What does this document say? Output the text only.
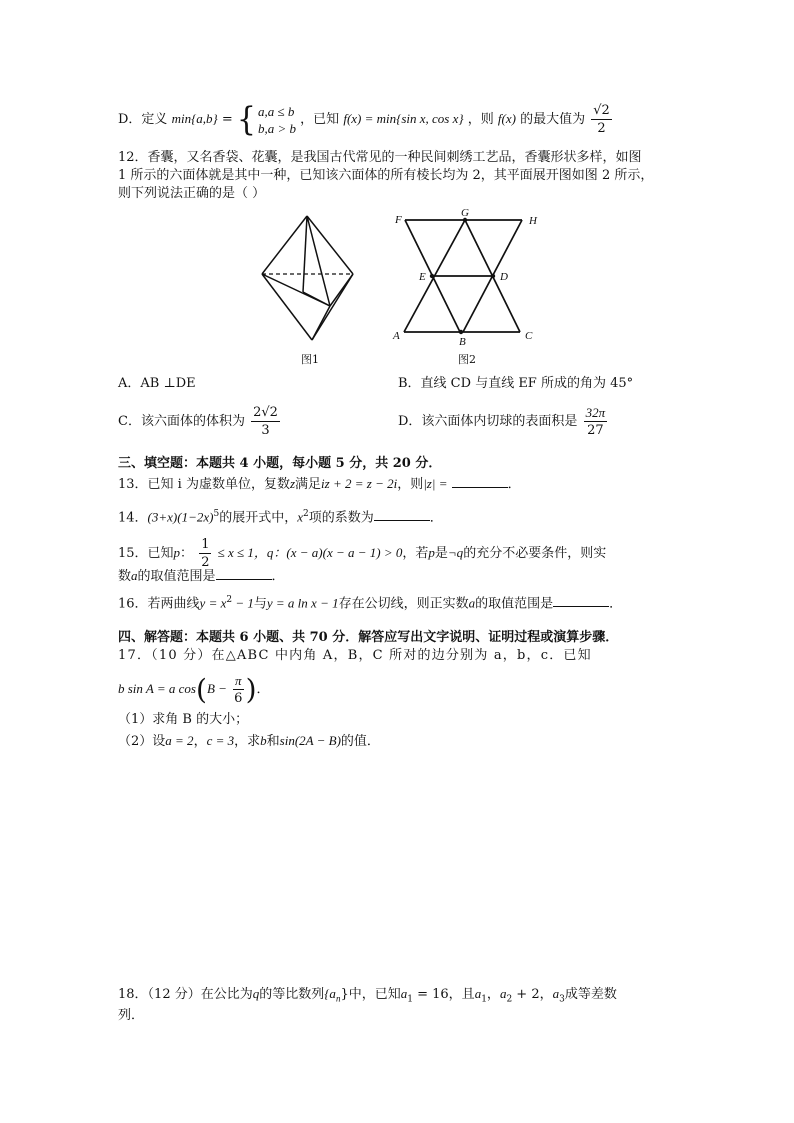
D．定义 min{a,b} = { a,a ≤ b
b,a > b
，已知 f(x) = min{sin x, cos x} ，则 f(x) 的最大值为 $\frac{√2}{2}$
12．香囊，又名香袋、花囊，是我国古代常见的一种民间刺绣工艺品，香囊形状多样，如图
1 所示的六面体就是其中一种，已知该六面体的所有棱长均为 2，其平面展开图如图 2 所示，
则下列说法正确的是（ ）
图1
F
G
H
E	D
A	B	C
图2
A．AB ⊥DE	B．直线 CD 与直线 EF 所成的角为 45°
C．该六面体的体积为 $\frac{2√2}{3}$	D．该六面体内切球的表面积是 $\frac{32\pi}{27}$
三、填空题：本题共 4 小题，每小题 5 分，共 20 分．
13．已知 i 为虚数单位，复数z满足iz + 2 = z − 2i，则|z| =	．
14．$(3+x)(1-2x)^5$的展开式中，$x^2$项的系数为	．
15．已知p： $\frac{1}{2} \le x \le 1$，q：(x − a)(x − a − 1) > 0，若p是¬q的充分不必要条件，则实
数a的取值范围是	．
16．若两曲线$y = x^2 - 1$与y = a ln x − 1存在公切线，则正实数a的取值范围是	．
四、解答题：本题共 6 小题、共 70 分．解答应写出文字说明、证明过程或演算步骤．
17．（10 分）在△ABC 中内角 A，B，C 所对的边分别为 a，b，c．已知
b sin A = a $\cos(B - \frac{\pi}{6}$ )．
（1）求角 B 的大小；
（2）设a = 2，c = 3，求b和sin(2A − B)的值．
18．（12 分）在公比为q的等比数列$\{a_n\}$中，已知$a_1 = 16$，且$a_1$，$a_2 + 2$，$a_3$成等差数
列．
